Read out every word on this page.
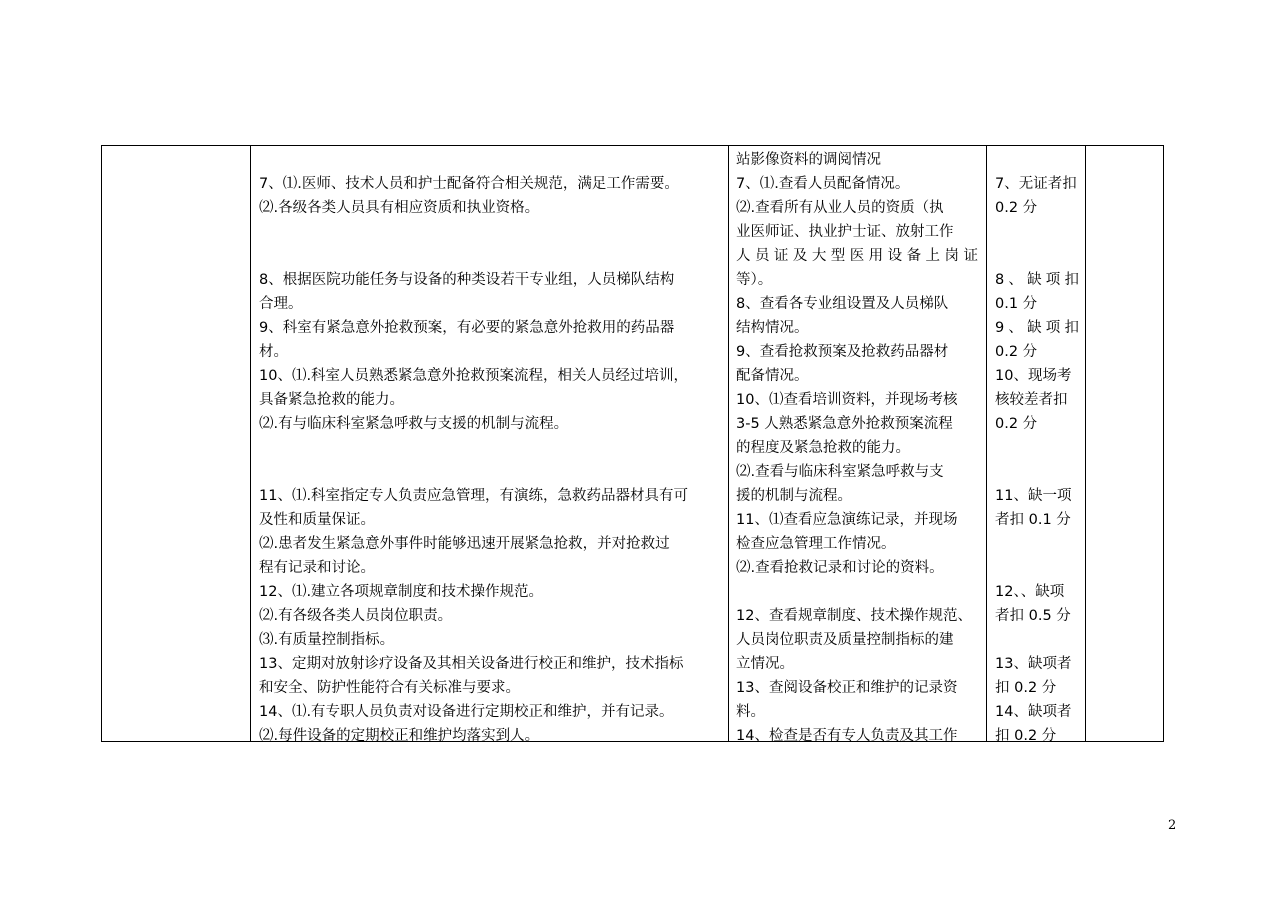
7、⑴.医师、技术人员和护士配备符合相关规范，满足工作需要。
⑵.各级各类人员具有相应资质和执业资格。
8、根据医院功能任务与设备的种类设若干专业组，人员梯队结构
合理。
9、科室有紧急意外抢救预案，有必要的紧急意外抢救用的药品器
材。
10、⑴.科室人员熟悉紧急意外抢救预案流程，相关人员经过培训，
具备紧急抢救的能力。
⑵.有与临床科室紧急呼救与支援的机制与流程。
11、⑴.科室指定专人负责应急管理，有演练，急救药品器材具有可
及性和质量保证。
⑵.患者发生紧急意外事件时能够迅速开展紧急抢救，并对抢救过
程有记录和讨论。
12、⑴.建立各项规章制度和技术操作规范。
⑵.有各级各类人员岗位职责。
⑶.有质量控制指标。
13、定期对放射诊疗设备及其相关设备进行校正和维护，技术指标
和安全、防护性能符合有关标准与要求。
14、⑴.有专职人员负责对设备进行定期校正和维护，并有记录。
⑵.每件设备的定期校正和维护均落实到人。
站影像资料的调阅情况
7、⑴.查看人员配备情况。
⑵.查看所有从业人员的资质（执
业医师证、执业护士证、放射工作
人 员 证 及 大 型 医 用 设 备 上 岗 证
等）。
8、查看各专业组设置及人员梯队
结构情况。
9、查看抢救预案及抢救药品器材
配备情况。
10、⑴查看培训资料，并现场考核
3-5 人熟悉紧急意外抢救预案流程
的程度及紧急抢救的能力。
⑵.查看与临床科室紧急呼救与支
援的机制与流程。
11、⑴查看应急演练记录，并现场
检查应急管理工作情况。
⑵.查看抢救记录和讨论的资料。
12、查看规章制度、技术操作规范、
人员岗位职责及质量控制指标的建
立情况。
13、查阅设备校正和维护的记录资
料。
14、检查是否有专人负责及其工作
7、无证者扣
0.2 分
8 、 缺 项 扣
0.1 分
9 、 缺 项 扣
0.2 分
10、现场考
核较差者扣
0.2 分
11、缺一项
者扣 0.1 分
12、、缺项
者扣 0.5 分
13、缺项者
扣 0.2 分
14、缺项者
扣 0.2 分
2
